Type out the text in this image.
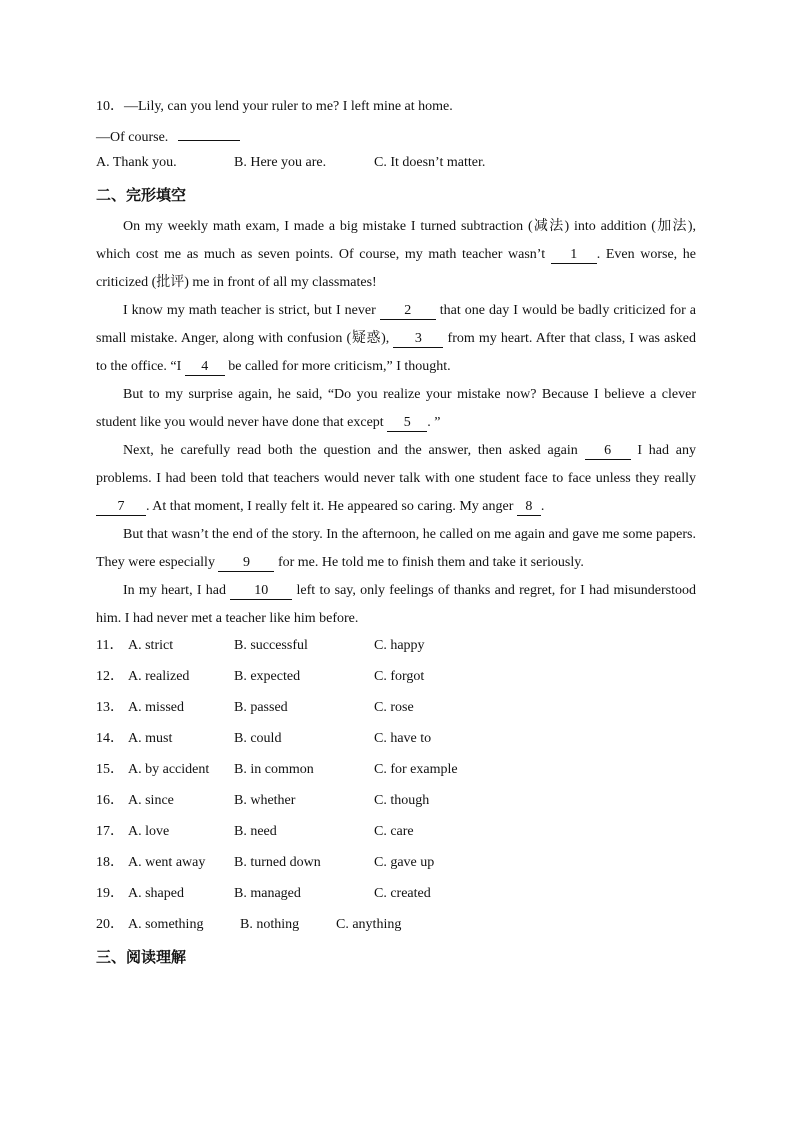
10．—Lily, can you lend your ruler to me? I left mine at home.
—Of course.
A. Thank you.	B. Here you are.	C. It doesn’t matter.
二、完形填空

On my weekly math exam, I made a big mistake I turned subtraction (减法) into addition (加法), which cost me as much as seven points. Of course, my math teacher wasn’t 1 . Even worse, he criticized (批评) me in front of all my classmates!

I know my math teacher is strict, but I never 2 that one day I would be badly criticized for a small mistake. Anger, along with confusion (疑惑), 3 from my heart. After that class, I was asked to the office. “I 4 be called for more criticism,” I thought.

But to my surprise again, he said, “Do you realize your mistake now? Because I believe a clever student like you would never have done that except 5 . ”

Next, he carefully read both the question and the answer, then asked again 6 I had any problems. I had been told that teachers would never talk with one student face to face unless they really 7 . At that moment, I really felt it. He appeared so caring. My anger 8 .

But that wasn’t the end of the story. In the afternoon, he called on me again and gave me some papers. They were especially 9 for me. He told me to finish them and take it seriously.

In my heart, I had 10 left to say, only feelings of thanks and regret, for I had misunderstood him. I had never met a teacher like him before.

11． A. strict	B. successful	C. happy
12． A. realized	B. expected	C. forgot
13． A. missed	B. passed	C. rose
14． A. must	B. could	C. have to
15． A. by accident B. in common	C. for example
16． A. since	B. whether	C. though
17． A. love	B. need	C. care
18． A. went away B. turned down	C. gave up
19． A. shaped	B. managed	C. created
20． A. something	B. nothing	C. anything
三、阅读理解
